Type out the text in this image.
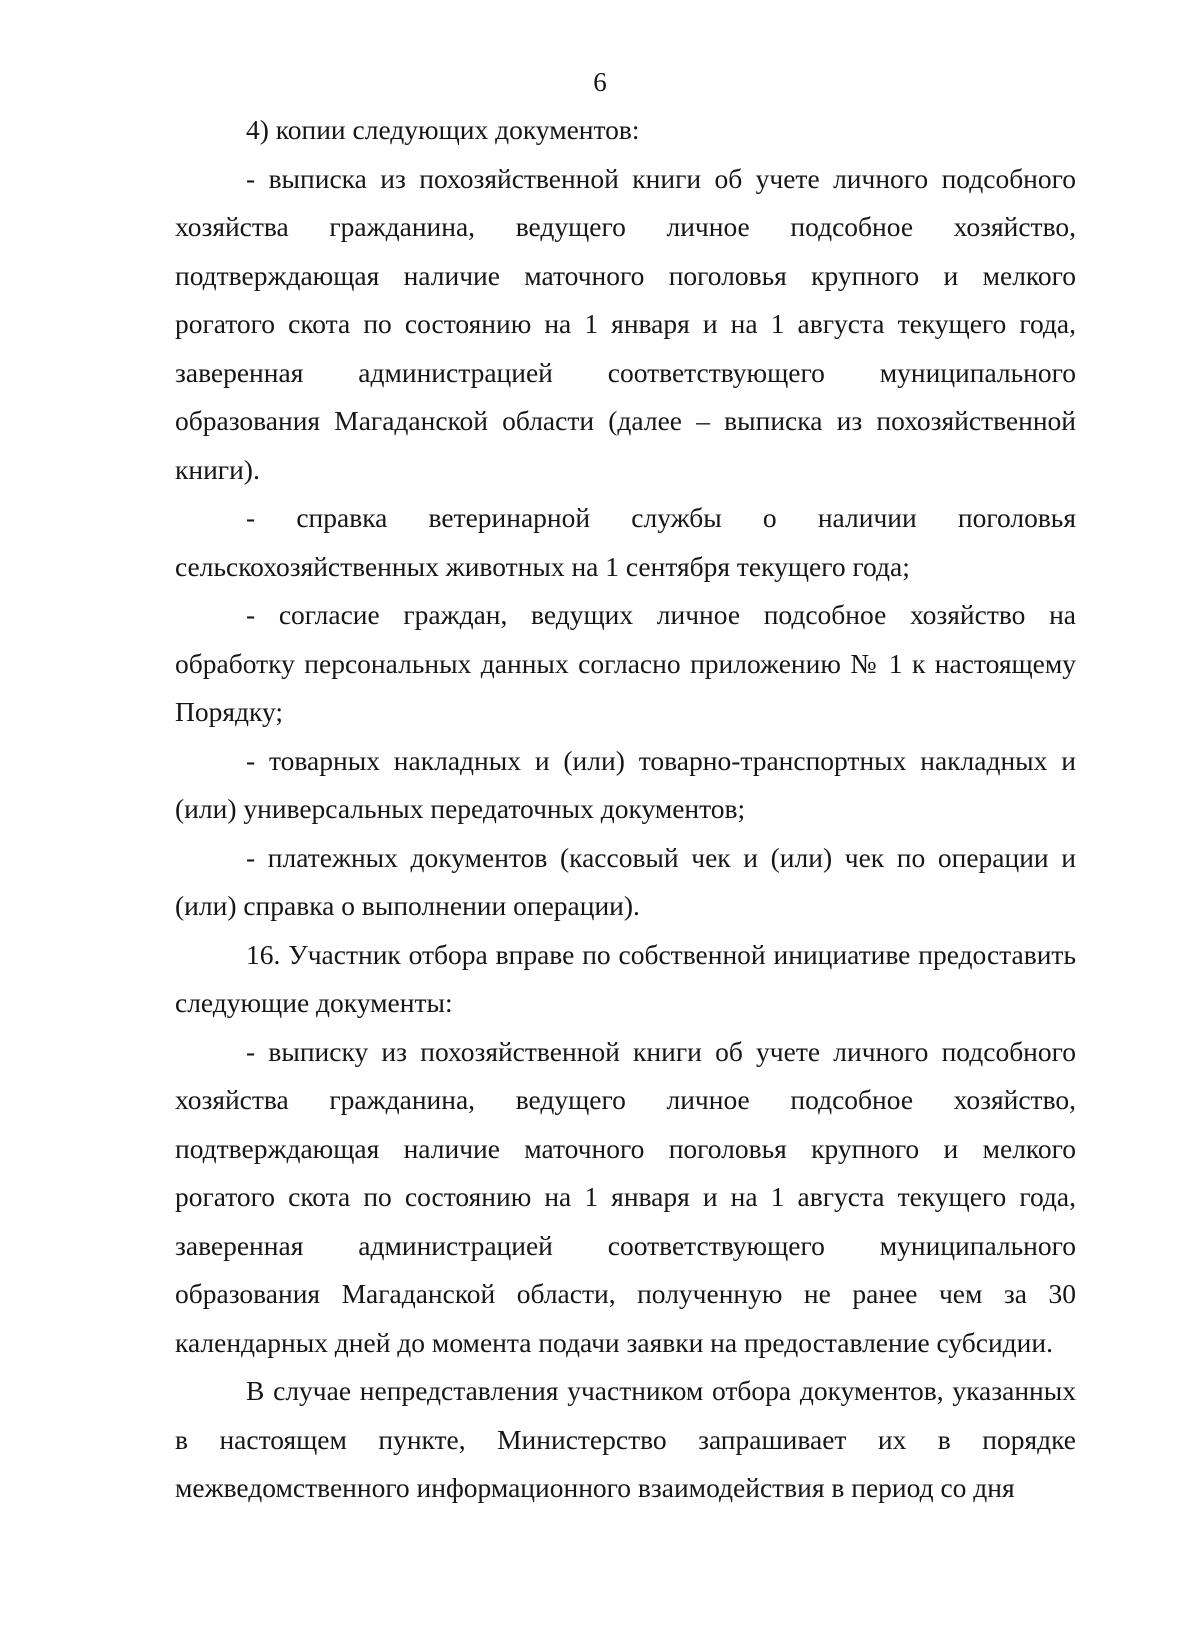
6

4) копии следующих документов:

- выписка из похозяйственной книги об учете личного подсобного хозяйства гражданина, ведущего личное подсобное хозяйство, подтверждающая наличие маточного поголовья крупного и мелкого рогатого скота по состоянию на 1 января и на 1 августа текущего года, заверенная администрацией соответствующего муниципального образования Магаданской области (далее – выписка из похозяйственной книги).

- справка ветеринарной службы о наличии поголовья сельскохозяйственных животных на 1 сентября текущего года;

- согласие граждан, ведущих личное подсобное хозяйство на обработку персональных данных согласно приложению № 1 к настоящему Порядку;

- товарных накладных и (или) товарно-транспортных накладных и (или) универсальных передаточных документов;

- платежных документов (кассовый чек и (или) чек по операции и (или) справка о выполнении операции).

16. Участник отбора вправе по собственной инициативе предоставить следующие документы:

- выписку из похозяйственной книги об учете личного подсобного хозяйства гражданина, ведущего личное подсобное хозяйство, подтверждающая наличие маточного поголовья крупного и мелкого рогатого скота по состоянию на 1 января и на 1 августа текущего года, заверенная администрацией соответствующего муниципального образования Магаданской области, полученную не ранее чем за 30 календарных дней до момента подачи заявки на предоставление субсидии.

В случае непредставления участником отбора документов, указанных в настоящем пункте, Министерство запрашивает их в порядке межведомственного информационного взаимодействия в период со дня
